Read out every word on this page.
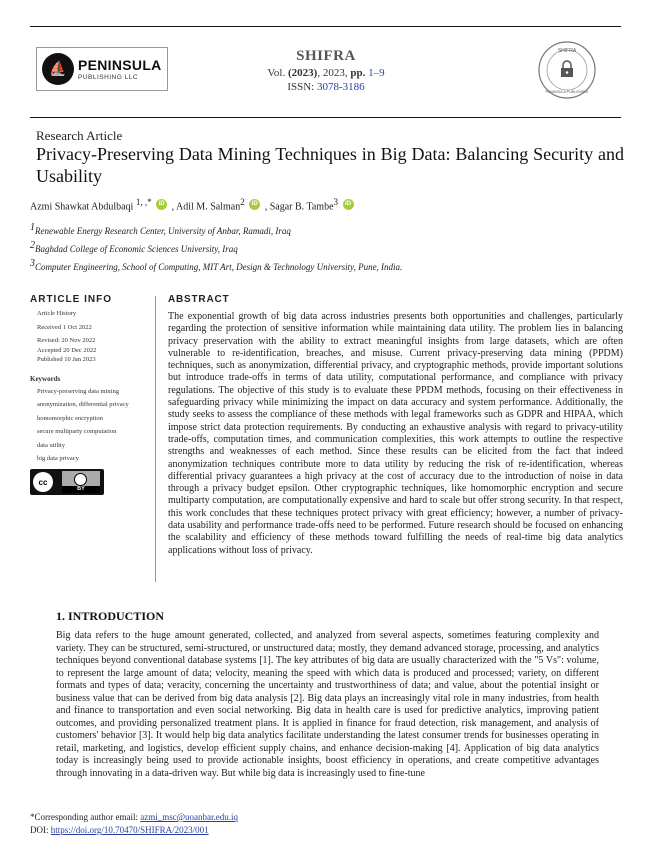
⛵ PENINSULA
PUBLISHING LLC
SHIFRA
Vol. (2023), 2023, pp. 1–9
ISSN: 3078-3186
SHIFRA
PENINSULA PUBLISHING
Research Article
Privacy-Preserving Data Mining Techniques in Big Data: Balancing Security and Usability
Azmi Shawkat Abdulbaqi $^{1, ,*}$ iD , Adil M. Salman$^2$ iD , Sagar B. Tambe$^3$ iD
$^1$Renewable Energy Research Center, University of Anbar, Ramadi, Iraq
$^2$Baghdad College of Economic Sciences University, Iraq
$^3$Computer Engineering, School of Computing, MIT Art, Design & Technology University, Pune, India.
ARTICLE INFO
Article History
Received 1 Oct 2022
Revised: 20 Nov 2022
Accepted 20 Dec 2022
Published 10 Jan 2023
Keywords
Privacy-preserving data mining
anonymization, differential privacy
homomorphic encryption
secure multiparty computation
data utility
big data privacy
cc
BY
ABSTRACT
The exponential growth of big data across industries presents both opportunities and challenges, particularly regarding the protection of sensitive information while maintaining data utility. The problem lies in balancing privacy preservation with the ability to extract meaningful insights from large datasets, which are often vulnerable to re-identification, breaches, and misuse. Current privacy-preserving data mining (PPDM) techniques, such as anonymization, differential privacy, and cryptographic methods, provide important solutions but introduce trade-offs in terms of data utility, computational performance, and compliance with privacy regulations. The objective of this study is to evaluate these PPDM methods, focusing on their effectiveness in safeguarding privacy while minimizing the impact on data accuracy and system performance. Additionally, the study seeks to assess the compliance of these methods with legal frameworks such as GDPR and HIPAA, which impose strict data protection requirements. By conducting an exhaustive analysis with regard to privacy-utility trade-offs, computation times, and communication complexities, this work attempts to outline the respective strengths and weaknesses of each method. Since these results can be elicited from the fact that indeed anonymization techniques contribute more to data utility by reducing the risk of re-identification, whereas differential privacy guarantees a high privacy at the cost of accuracy due to the introduction of noise in data through a privacy budget epsilon. Other cryptographic techniques, like homomorphic encryption and secure multiparty computation, are computationally expensive and hard to scale but offer strong security. In that respect, this work concludes that these techniques protect privacy with great efficiency; however, a number of privacy-data usability and performance trade-offs need to be performed. Future research should be focused on enhancing the scalability and efficiency of these methods toward fulfilling the needs of real-time big data analytics applications without loss of privacy.
1. INTRODUCTION
Big data refers to the huge amount generated, collected, and analyzed from several aspects, sometimes featuring complexity and variety. They can be structured, semi-structured, or unstructured data; mostly, they demand advanced storage, processing, and analytics techniques beyond conventional database systems [1]. The key attributes of big data are usually characterized with the "5 Vs": volume, to represent the large amount of data; velocity, meaning the speed with which data is produced and processed; variety, on different formats and types of data; veracity, concerning the uncertainty and trustworthiness of data; and value, about the potential insight or business value that can be derived from big data analysis [2]. Big data plays an increasingly vital role in many industries, from health and finance to transportation and even social networking. Big data in health care is used for predictive analytics, improving patient outcomes, and providing personalized treatment plans. It is applied in finance for fraud detection, risk management, and analysis of customers' behavior [3]. It would help big data analytics facilitate understanding the latest consumer trends for businesses operating in retail, marketing, and logistics, develop efficient supply chains, and enhance decision-making [4]. Application of big data analytics today is increasingly being used to provide actionable insights, boost efficiency in operations, and create competitive advantages through innovating in a data-driven way. But while big data is increasingly used to fine-tune
*Corresponding author email: azmi_msc@uoanbar.edu.iq
DOI: https://doi.org/10.70470/SHIFRA/2023/001
